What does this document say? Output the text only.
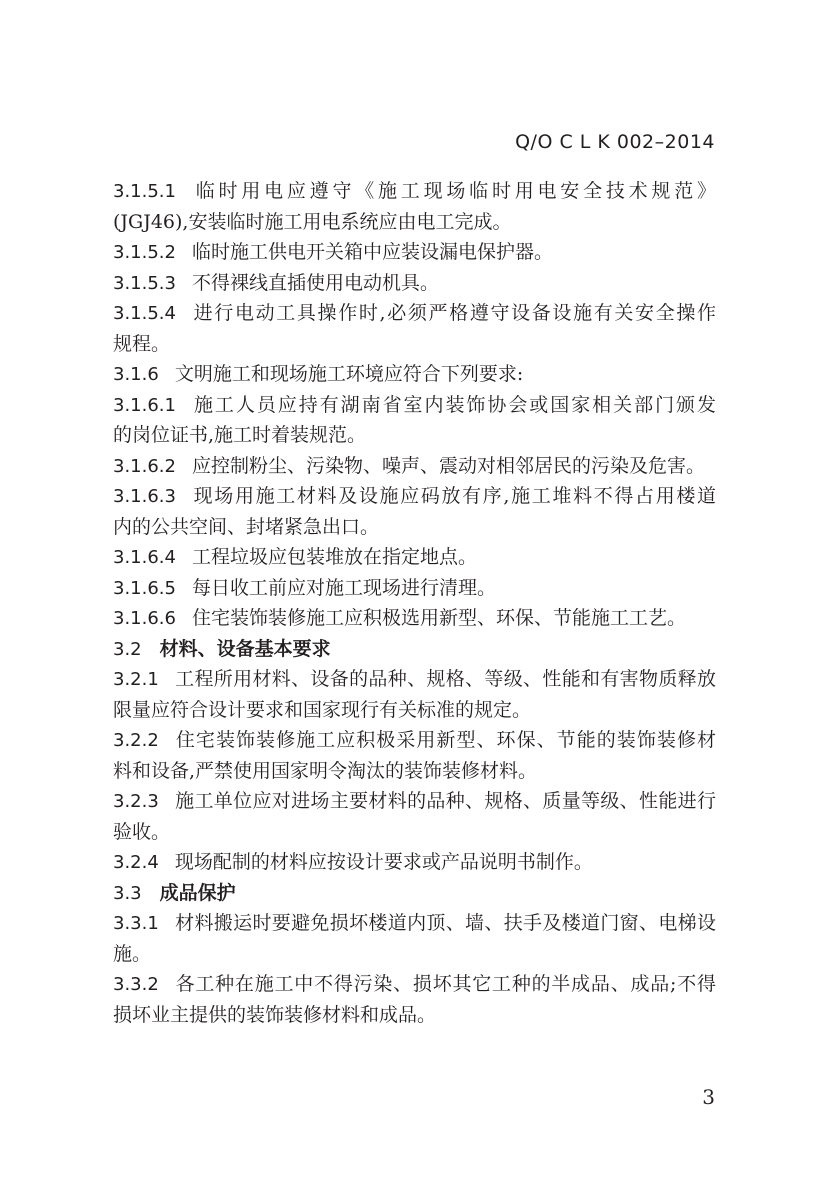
Q/O C L K 002–2014
3.1.5.1 临时用电应遵守《施工现场临时用电安全技术规范》
(JGJ46),安装临时施工用电系统应由电工完成。
3.1.5.2 临时施工供电开关箱中应装设漏电保护器。
3.1.5.3 不得裸线直插使用电动机具。
3.1.5.4 进行电动工具操作时,必须严格遵守设备设施有关安全操作
规程。
3.1.6 文明施工和现场施工环境应符合下列要求:
3.1.6.1 施工人员应持有湖南省室内装饰协会或国家相关部门颁发
的岗位证书,施工时着装规范。
3.1.6.2 应控制粉尘、污染物、噪声、震动对相邻居民的污染及危害。
3.1.6.3 现场用施工材料及设施应码放有序,施工堆料不得占用楼道
内的公共空间、封堵紧急出口。
3.1.6.4 工程垃圾应包装堆放在指定地点。
3.1.6.5 每日收工前应对施工现场进行清理。
3.1.6.6 住宅装饰装修施工应积极选用新型、环保、节能施工工艺。
3.2 材料、设备基本要求
3.2.1 工程所用材料、设备的品种、规格、等级、性能和有害物质释放
限量应符合设计要求和国家现行有关标准的规定。
3.2.2 住宅装饰装修施工应积极采用新型、环保、节能的装饰装修材
料和设备,严禁使用国家明令淘汰的装饰装修材料。
3.2.3 施工单位应对进场主要材料的品种、规格、质量等级、性能进行
验收。
3.2.4 现场配制的材料应按设计要求或产品说明书制作。
3.3 成品保护
3.3.1 材料搬运时要避免损坏楼道内顶、墙、扶手及楼道门窗、电梯设
施。
3.3.2 各工种在施工中不得污染、损坏其它工种的半成品、成品;不得
损坏业主提供的装饰装修材料和成品。
3
